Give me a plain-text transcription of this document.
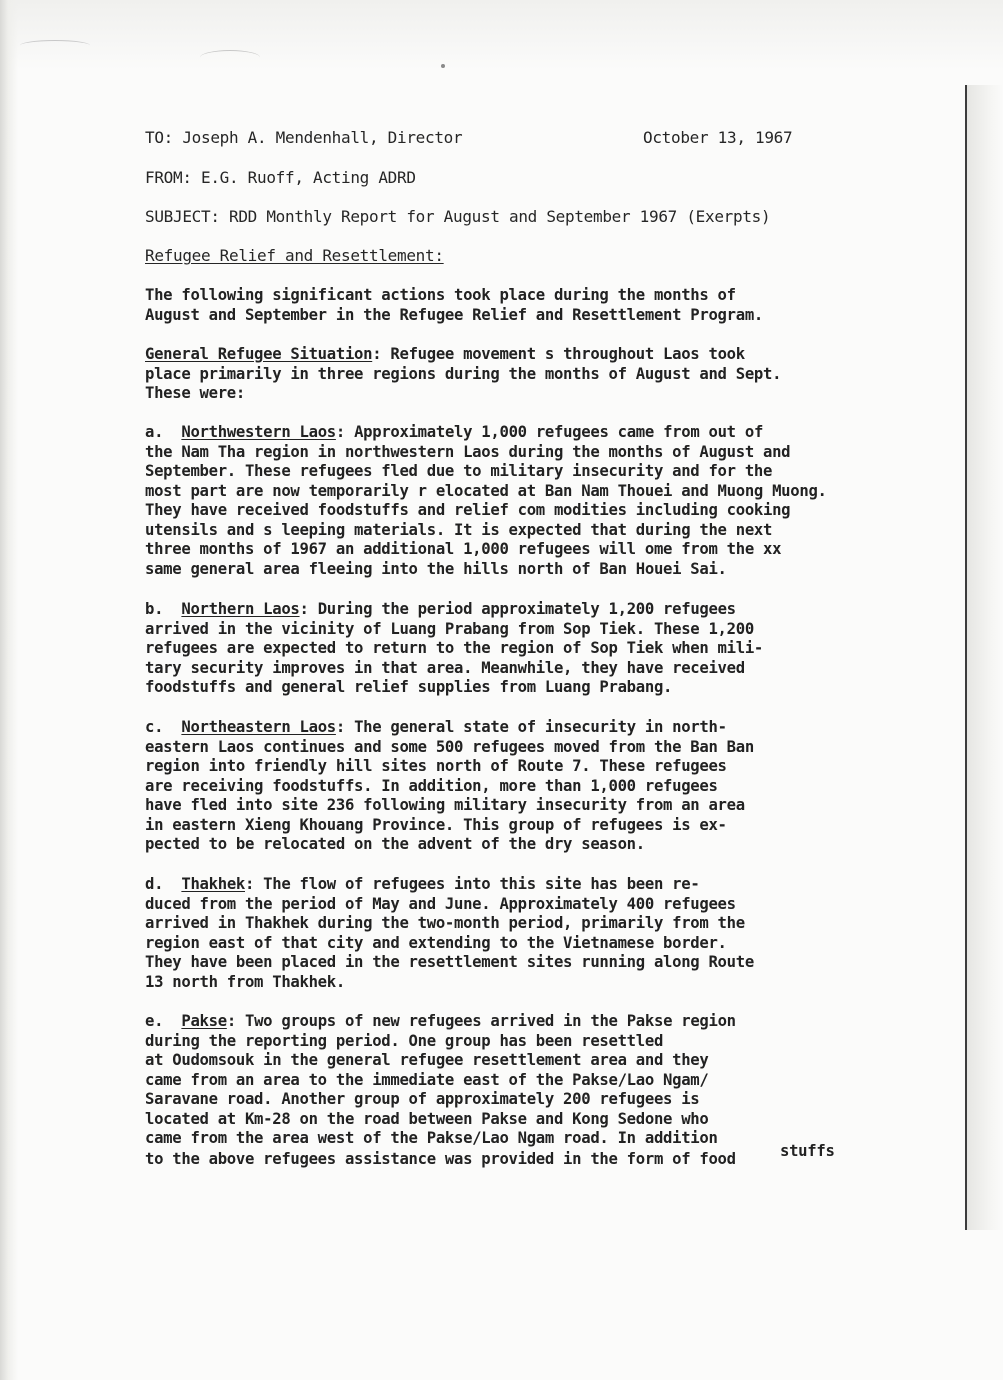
TO: Joseph A. Mendenhall, Director	October 13, 1967

FROM: E.G. Ruoff, Acting ADRD

SUBJECT: RDD Monthly Report for August and September 1967 (Exerpts)

Refugee Relief and Resettlement:

The following significant actions took place during the months of

August and September in the Refugee Relief and Resettlement Program.

General Refugee Situation: Refugee movement s throughout Laos took

place primarily in three regions during the months of August and Sept.

These were:

a. Northwestern Laos: Approximately 1,000 refugees came from out of

the Nam Tha region in northwestern Laos during the months of August and

September. These refugees fled due to military insecurity and for the

most part are now temporarily r elocated at Ban Nam Thouei and Muong Muong.

They have received foodstuffs and relief com modities including cooking

utensils and s leeping materials. It is expected that during the next

three months of 1967 an additional 1,000 refugees will ome from the xx

same general area fleeing into the hills north of Ban Houei Sai.

b. Northern Laos: During the period approximately 1,200 refugees

arrived in the vicinity of Luang Prabang from Sop Tiek. These 1,200

refugees are expected to return to the region of Sop Tiek when mili-

tary security improves in that area. Meanwhile, they have received

foodstuffs and general relief supplies from Luang Prabang.

c. Northeastern Laos: The general state of insecurity in north-

eastern Laos continues and some 500 refugees moved from the Ban Ban

region into friendly hill sites north of Route 7. These refugees

are receiving foodstuffs. In addition, more than 1,000 refugees

have fled into site 236 following military insecurity from an area

in eastern Xieng Khouang Province. This group of refugees is ex-

pected to be relocated on the advent of the dry season.

d. Thakhek: The flow of refugees into this site has been re-

duced from the period of May and June. Approximately 400 refugees

arrived in Thakhek during the two-month period, primarily from the

region east of that city and extending to the Vietnamese border.

They have been placed in the resettlement sites running along Route

13 north from Thakhek.

e. Pakse: Two groups of new refugees arrived in the Pakse region

during the reporting period. One group has been resettled

at Oudomsouk in the general refugee resettlement area and they

came from an area to the immediate east of the Pakse/Lao Ngam/

Saravane road. Another group of approximately 200 refugees is

located at Km-28 on the road between Pakse and Kong Sedone who

came from the area west of the Pakse/Lao Ngam road. In addition

to the above refugees assistance was provided in the form of food	stuffs
